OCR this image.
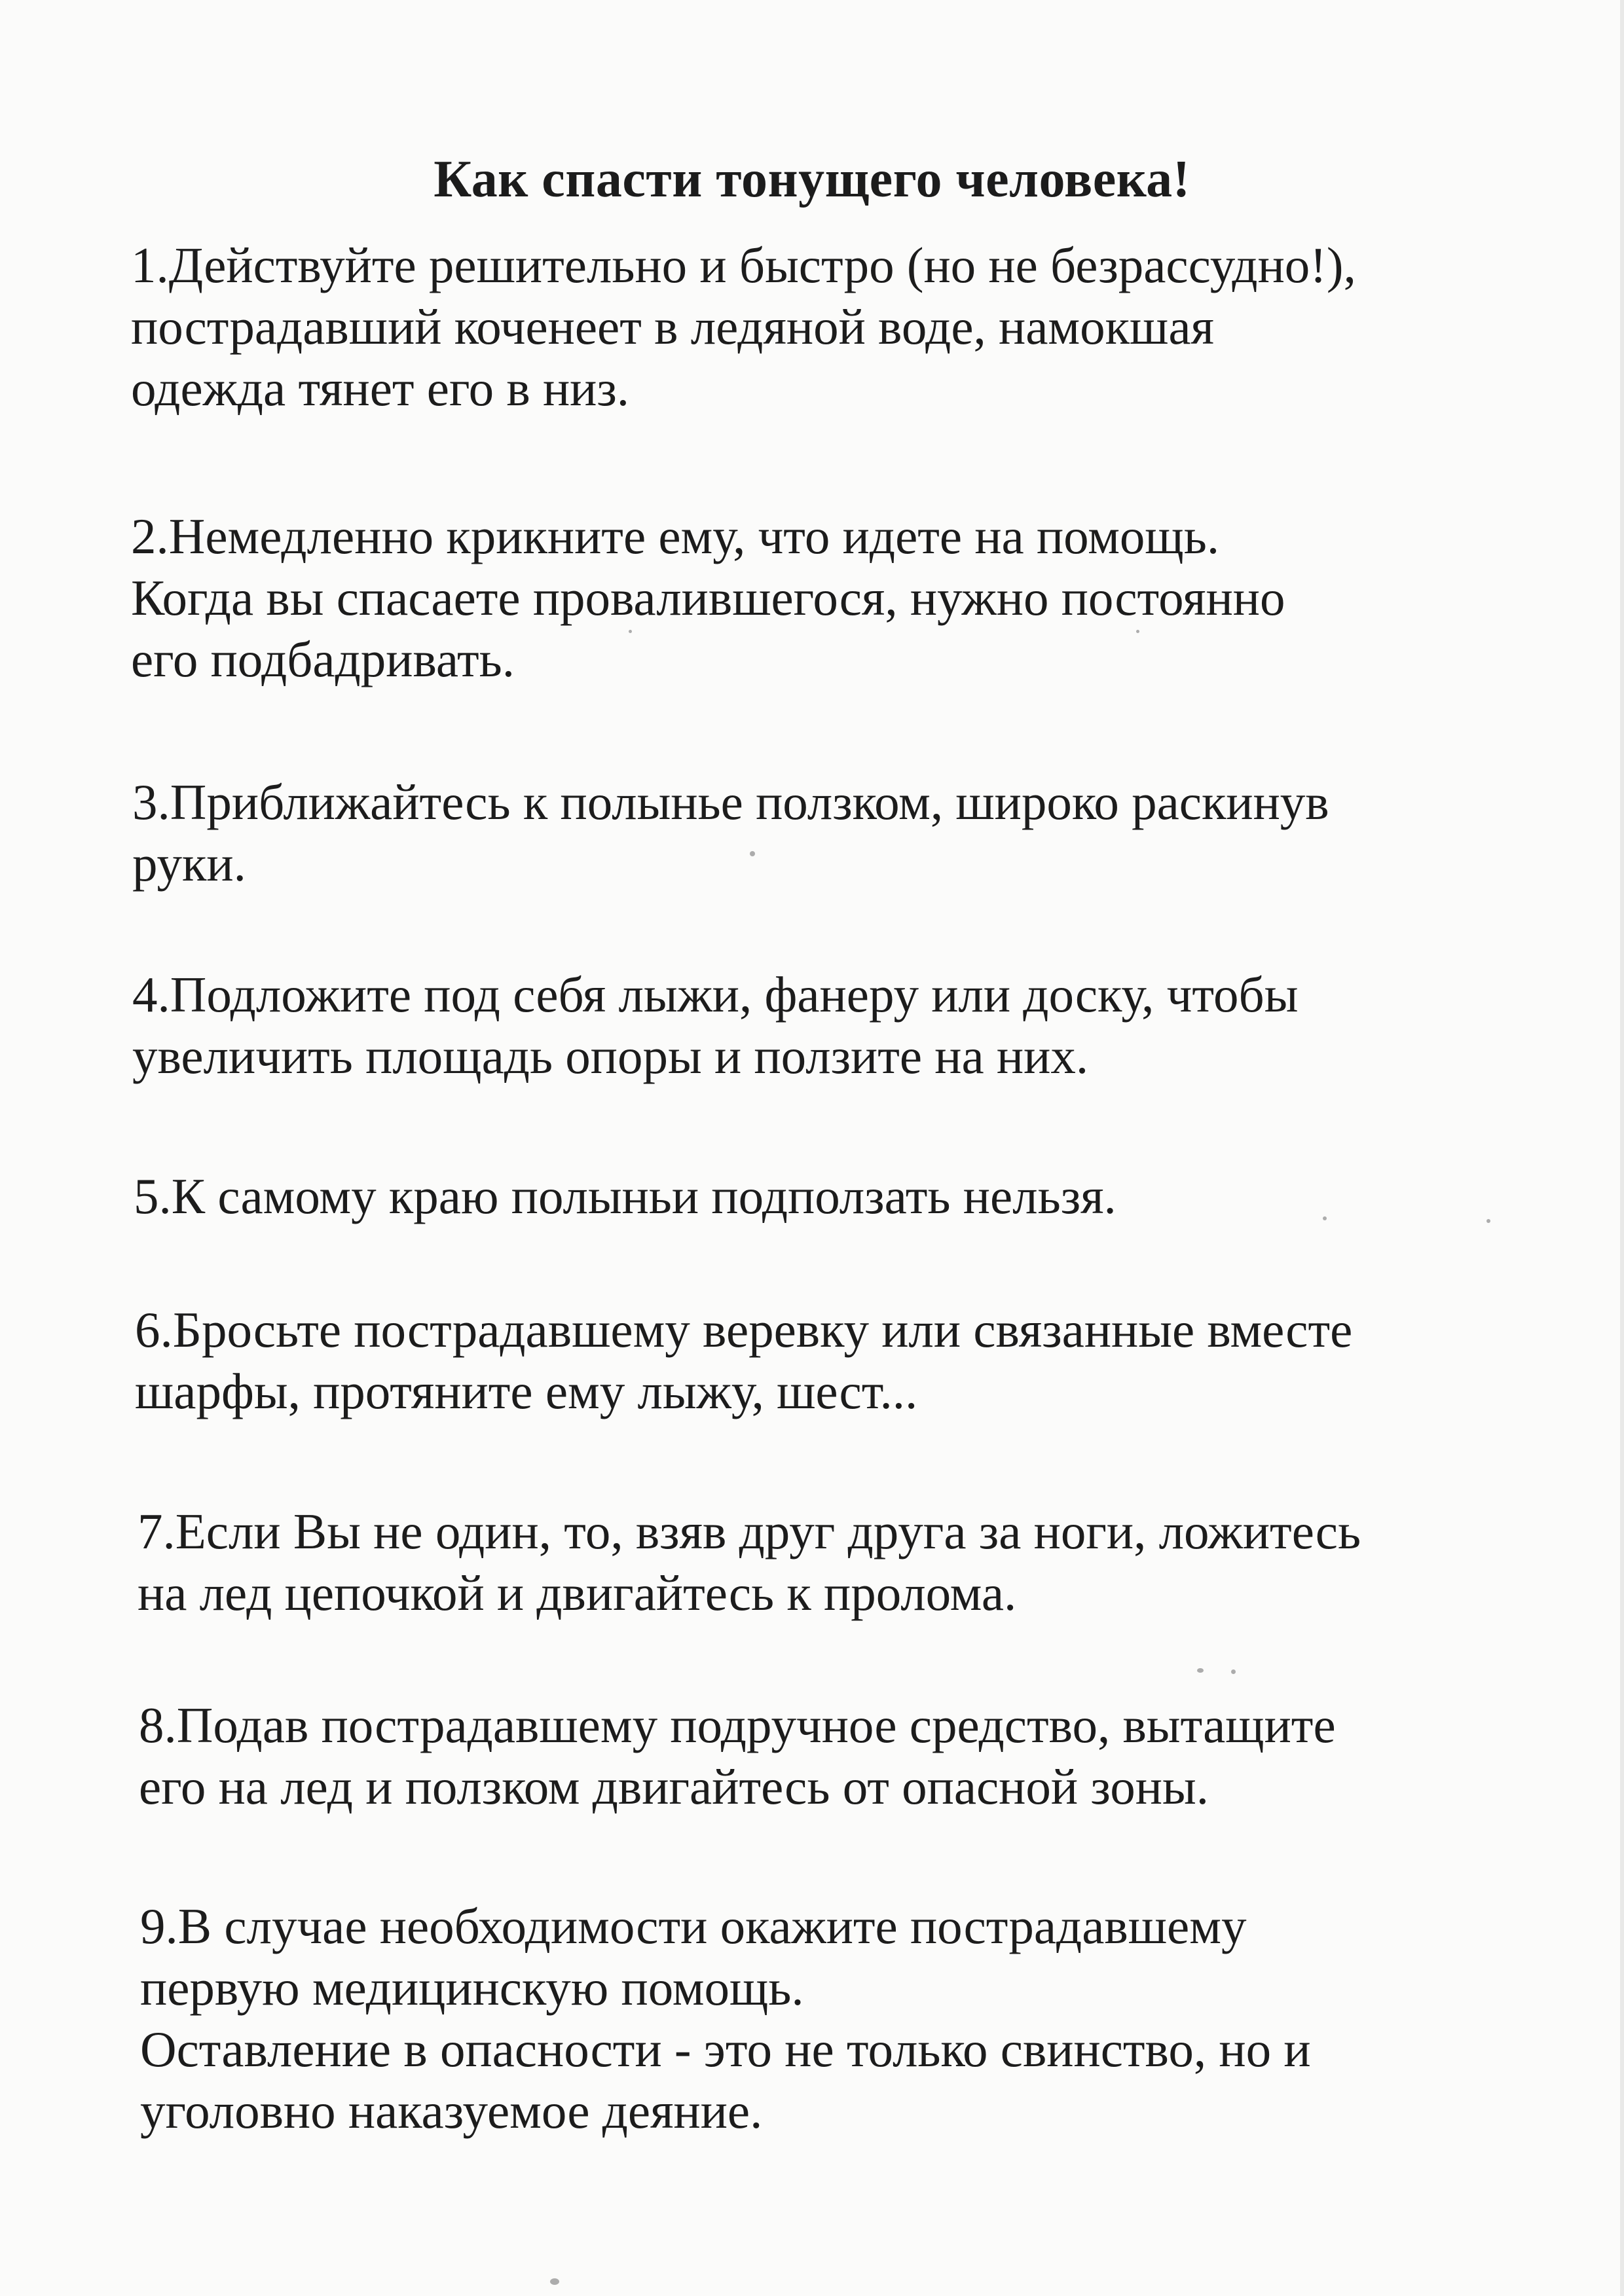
Как спасти тонущего человека!

1.Действуйте решительно и быстро (но не безрассудно!),
пострадавший коченеет в ледяной воде, намокшая
одежда тянет его в низ.

2.Немедленно крикните ему, что идете на помощь.
Когда вы спасаете провалившегося, нужно постоянно
его подбадривать.

3.Приближайтесь к полынье ползком, широко раскинув
руки.

4.Подложите под себя лыжи, фанеру или доску, чтобы
увеличить площадь опоры и ползите на них.

5.К самому краю полыньи подползать нельзя.

6.Бросьте пострадавшему веревку или связанные вместе
шарфы, протяните ему лыжу, шест...

7.Если Вы не один, то, взяв друг друга за ноги, ложитесь
на лед цепочкой и двигайтесь к пролома.

8.Подав пострадавшему подручное средство, вытащите
его на лед и ползком двигайтесь от опасной зоны.

9.В случае необходимости окажите пострадавшему
первую медицинскую помощь.
Оставление в опасности - это не только свинство, но и
уголовно наказуемое деяние.
